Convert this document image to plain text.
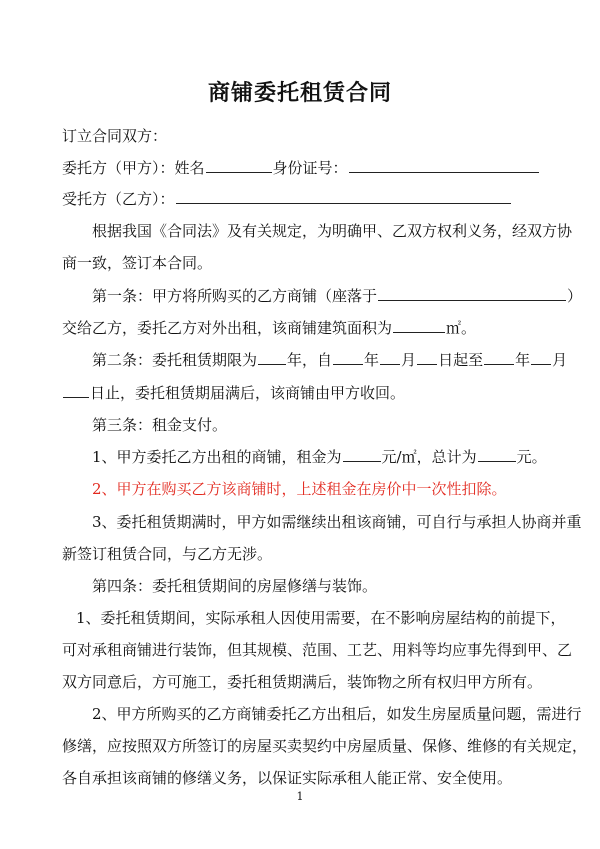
商铺委托租赁合同
订立合同双方：
委托方（甲方）：姓名	身份证号：
受托方（乙方）：
根据我国《合同法》及有关规定，为明确甲、乙双方权利义务，经双方协
商一致，签订本合同。
第一条：甲方将所购买的乙方商铺（座落于	）
交给乙方，委托乙方对外出租，该商铺建筑面积为	㎡。
第二条：委托租赁期限为 年，自 年 月 日起至 年 月
日止，委托租赁期届满后，该商铺由甲方收回。
第三条：租金支付。
1、甲方委托乙方出租的商铺，租金为	元/㎡，总计为	元。
2、甲方在购买乙方该商铺时，上述租金在房价中一次性扣除。
3、委托租赁期满时，甲方如需继续出租该商铺，可自行与承担人协商并重
新签订租赁合同，与乙方无涉。
第四条：委托租赁期间的房屋修缮与装饰。
1、委托租赁期间，实际承租人因使用需要，在不影响房屋结构的前提下，
可对承租商铺进行装饰，但其规模、范围、工艺、用料等均应事先得到甲、乙
双方同意后，方可施工，委托租赁期满后，装饰物之所有权归甲方所有。
2、甲方所购买的乙方商铺委托乙方出租后，如发生房屋质量问题，需进行
修缮，应按照双方所签订的房屋买卖契约中房屋质量、保修、维修的有关规定，
各自承担该商铺的修缮义务，以保证实际承租人能正常、安全使用。
1
